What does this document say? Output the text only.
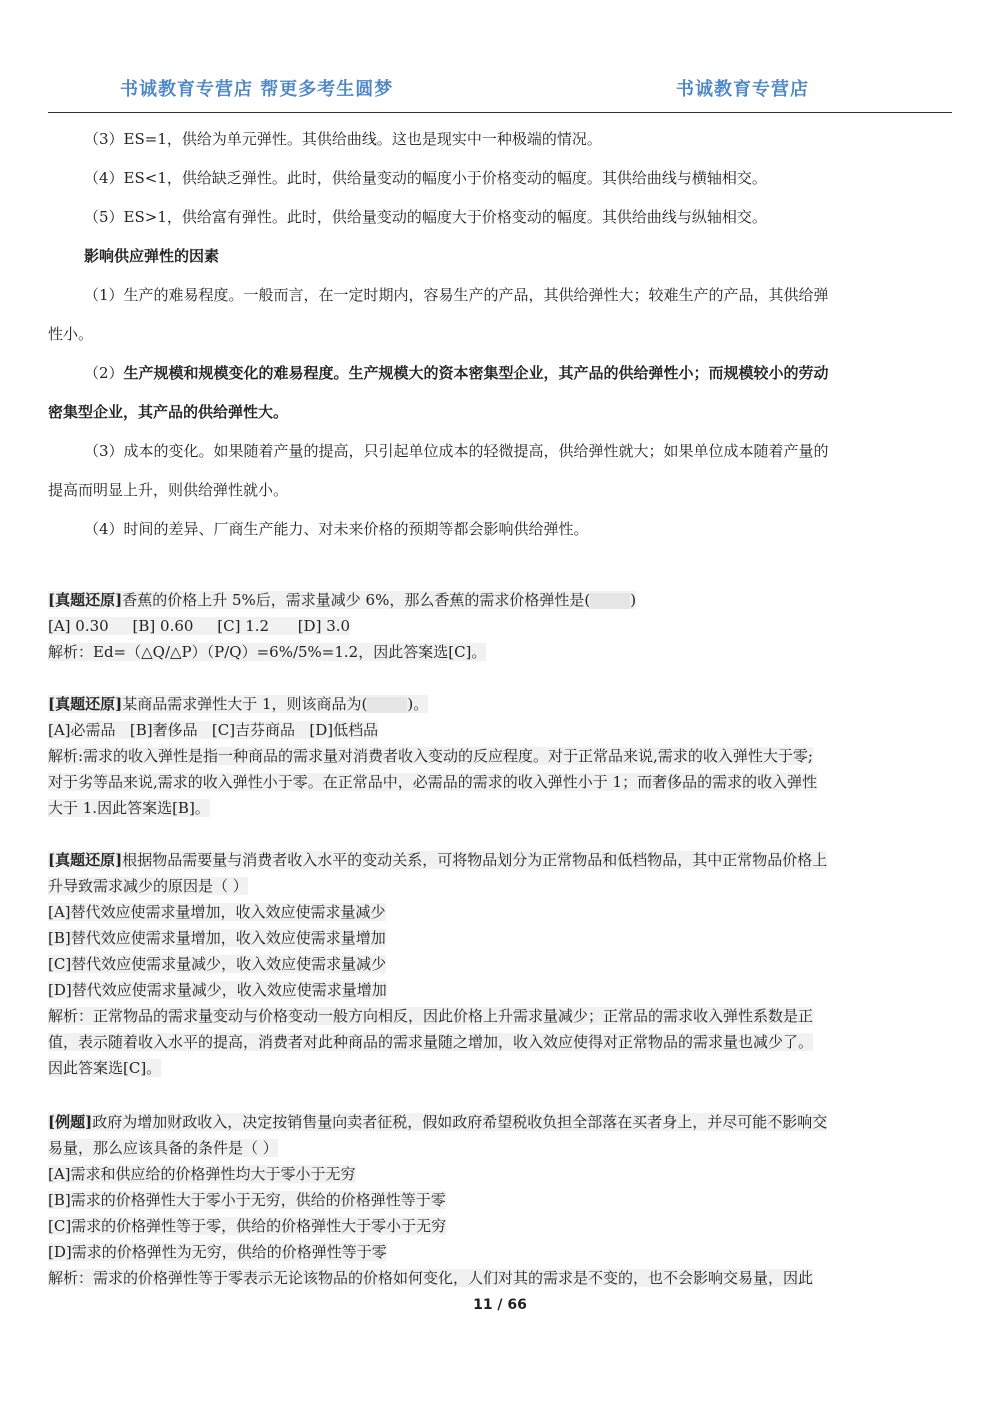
书诚教育专营店 帮更多考生圆梦	书诚教育专营店

（3）ES=1，供给为单元弹性。其供给曲线。这也是现实中一种极端的情况。

（4）ES<1，供给缺乏弹性。此时，供给量变动的幅度小于价格变动的幅度。其供给曲线与横轴相交。

（5）ES>1，供给富有弹性。此时，供给量变动的幅度大于价格变动的幅度。其供给曲线与纵轴相交。

影响供应弹性的因素

（1）生产的难易程度。一般而言，在一定时期内，容易生产的产品，其供给弹性大；较难生产的产品，其供给弹

性小。

（2）生产规模和规模变化的难易程度。生产规模大的资本密集型企业，其产品的供给弹性小；而规模较小的劳动

密集型企业，其产品的供给弹性大。

（3）成本的变化。如果随着产量的提高，只引起单位成本的轻微提高，供给弹性就大；如果单位成本随着产量的

提高而明显上升，则供给弹性就小。

（4）时间的差异、厂商生产能力、对未来价格的预期等都会影响供给弹性。

[真题还原]香蕉的价格上升 5%后，需求量减少 6%，那么香蕉的需求价格弹性是(	)

[A] 0.30     [B] 0.60     [C] 1.2      [D] 3.0

解析：Ed=（△Q/△P）（P/Q）=6%/5%=1.2，因此答案选[C]。

[真题还原]某商品需求弹性大于 1，则该商品为(	)。

[A]必需品   [B]奢侈品   [C]吉芬商品   [D]低档品

解析:需求的收入弹性是指一种商品的需求量对消费者收入变动的反应程度。对于正常品来说,需求的收入弹性大于零;

对于劣等品来说,需求的收入弹性小于零。在正常品中，必需品的需求的收入弹性小于 1；而奢侈品的需求的收入弹性

大于 1.因此答案选[B]。

[真题还原]根据物品需要量与消费者收入水平的变动关系，可将物品划分为正常物品和低档物品，其中正常物品价格上

升导致需求减少的原因是（ ）

[A]替代效应使需求量增加，收入效应使需求量减少

[B]替代效应使需求量增加，收入效应使需求量增加

[C]替代效应使需求量减少，收入效应使需求量减少

[D]替代效应使需求量减少，收入效应使需求量增加

解析：正常物品的需求量变动与价格变动一般方向相反，因此价格上升需求量减少；正常品的需求收入弹性系数是正

值，表示随着收入水平的提高，消费者对此种商品的需求量随之增加，收入效应使得对正常物品的需求量也减少了。

因此答案选[C]。

[例题]政府为增加财政收入，决定按销售量向卖者征税，假如政府希望税收负担全部落在买者身上，并尽可能不影响交

易量，那么应该具备的条件是（ ）

[A]需求和供应给的价格弹性均大于零小于无穷

[B]需求的价格弹性大于零小于无穷，供给的价格弹性等于零

[C]需求的价格弹性等于零，供给的价格弹性大于零小于无穷

[D]需求的价格弹性为无穷，供给的价格弹性等于零

解析：需求的价格弹性等于零表示无论该物品的价格如何变化，人们对其的需求是不变的，也不会影响交易量，因此

11 / 66
